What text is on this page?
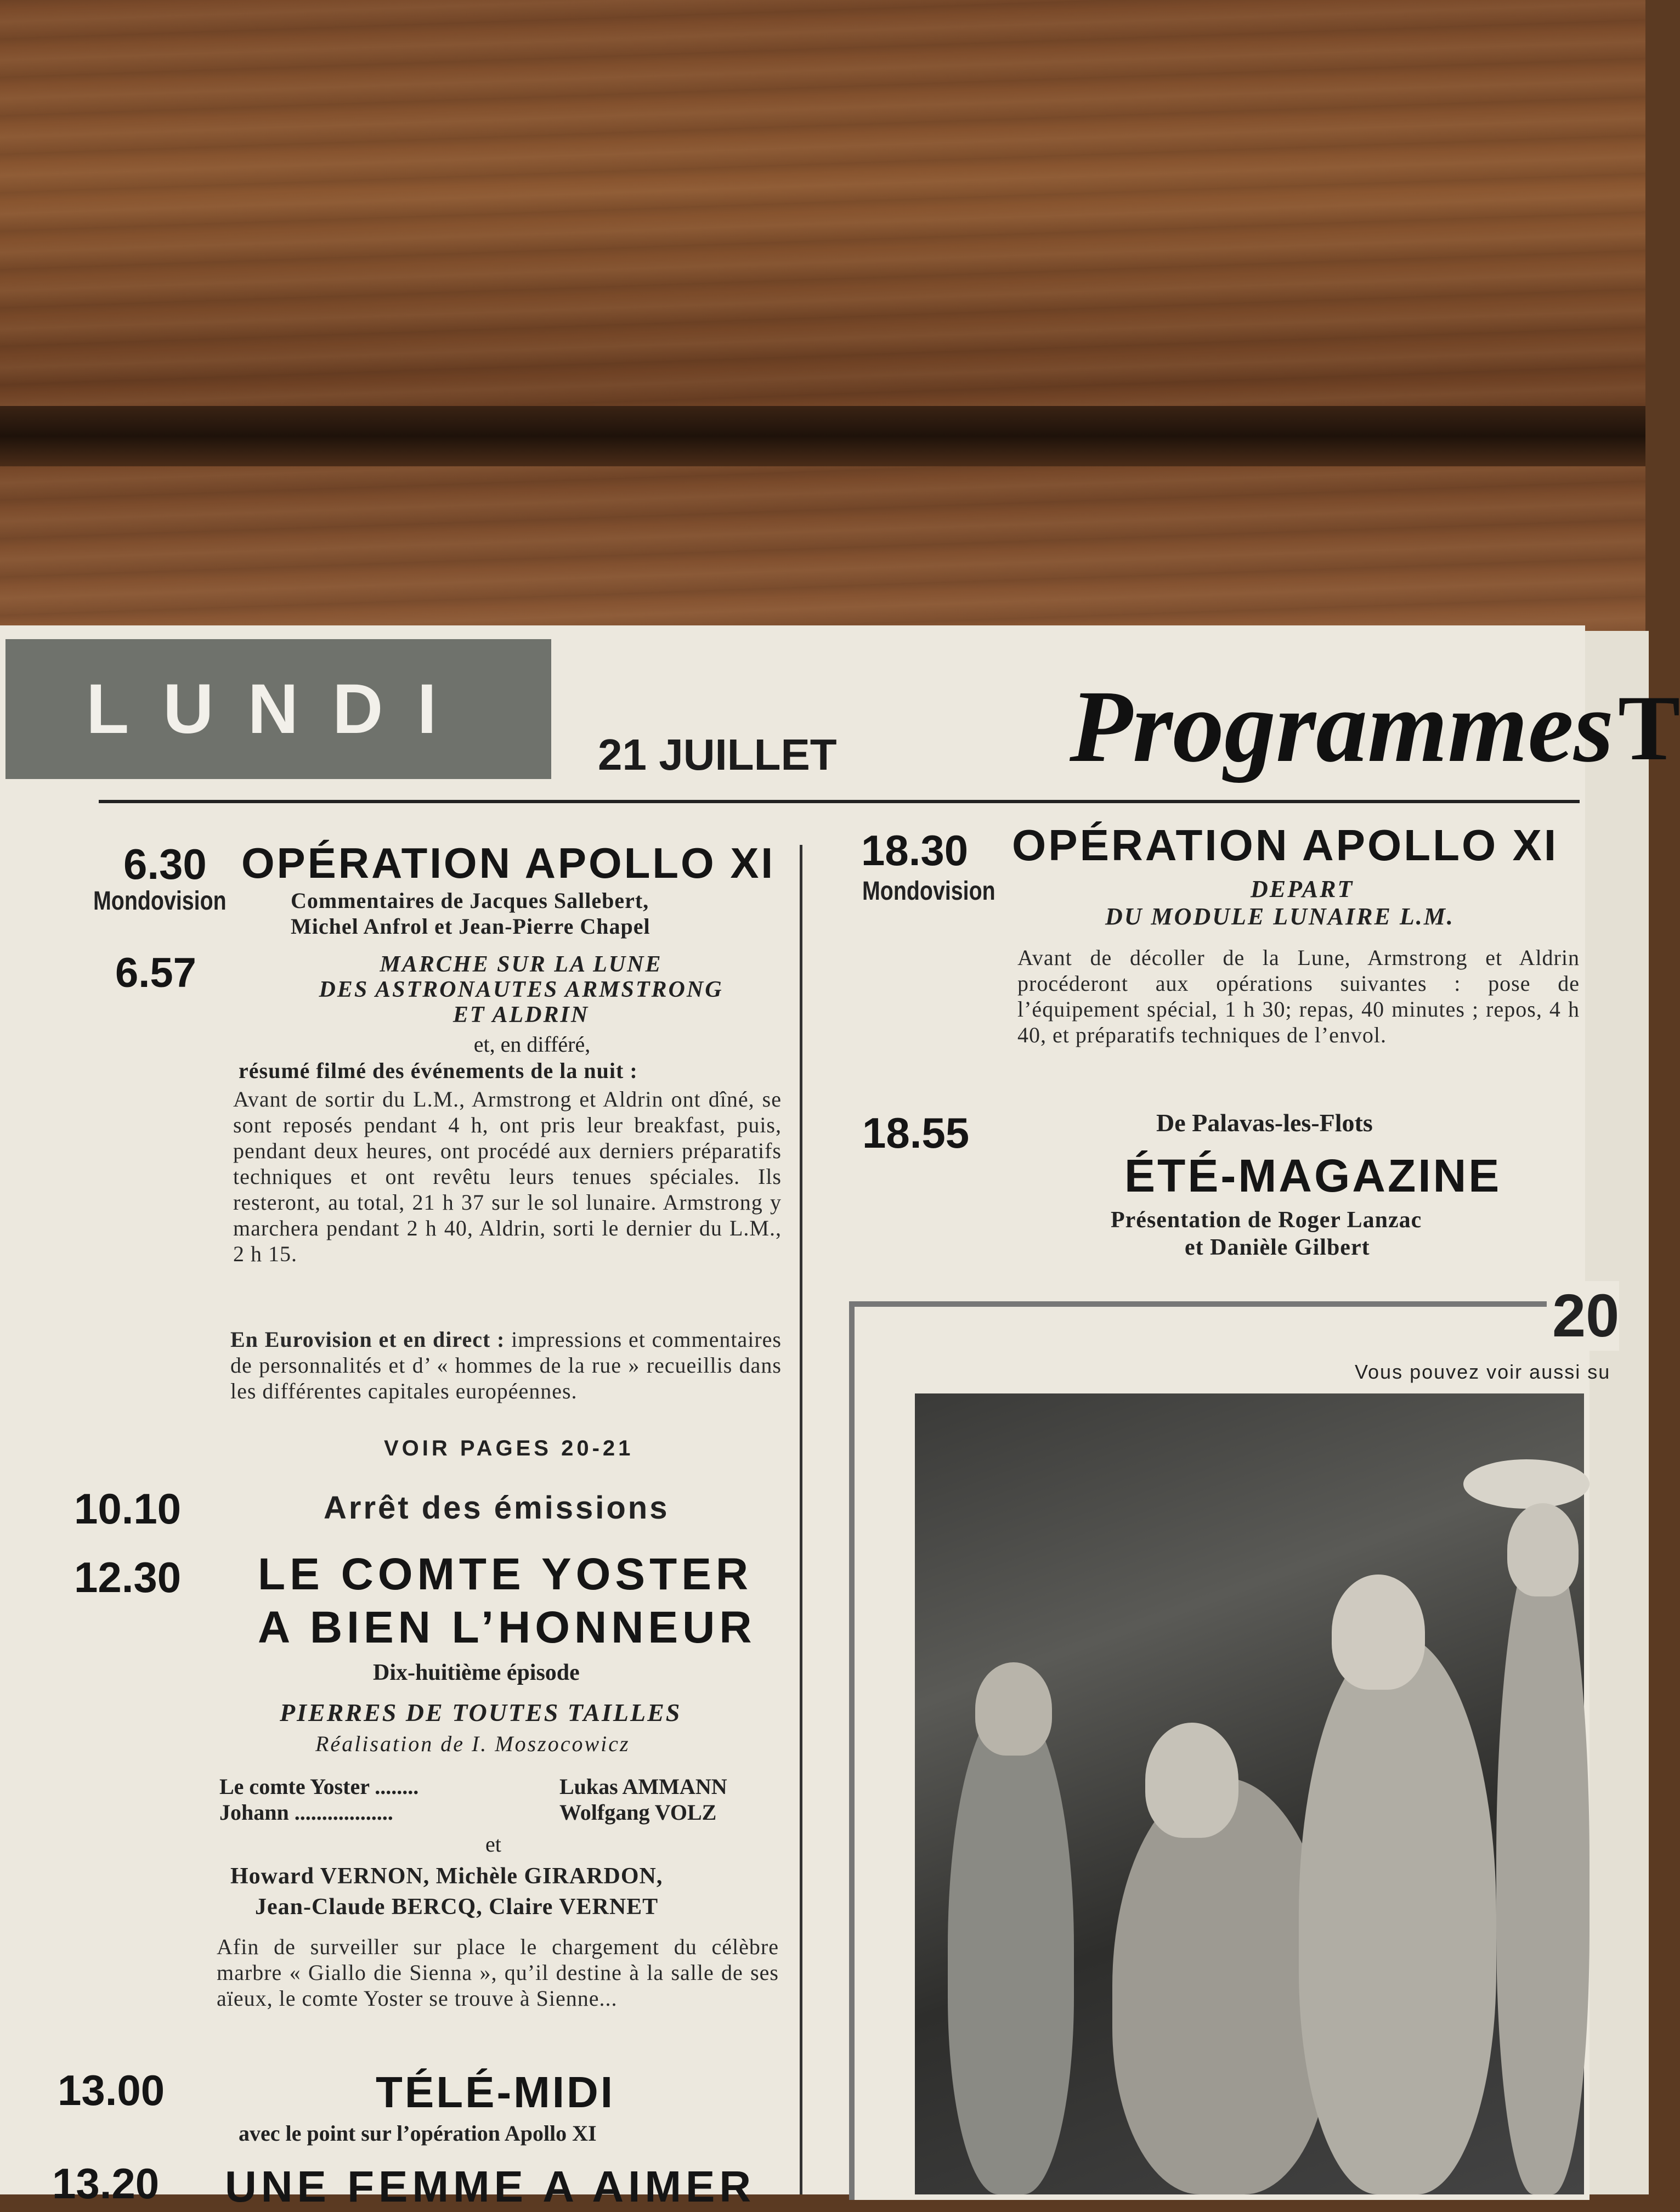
LUNDI
21 JUILLET Programmes T
6.30 OPÉRATION APOLLO XI
Mondovision	Commentaires de Jacques Sallebert,
Michel Anfrol et Jean-Pierre Chapel
6.57	MARCHE SUR LA LUNE
DES ASTRONAUTES ARMSTRONG
ET ALDRIN
et, en différé,
résumé filmé des événements de la nuit :
Avant de sortir du L.M., Armstrong et Aldrin ont dîné, se sont reposés pendant 4 h, ont pris leur breakfast, puis, pendant deux heures, ont procédé aux derniers préparatifs techniques et ont revêtu leurs tenues spéciales. Ils resteront, au total, 21 h 37 sur le sol lunaire. Armstrong y marchera pendant 2 h 40, Aldrin, sorti le dernier du L.M., 2 h 15.
En Eurovision et en direct : impressions et commentaires de personnalités et d’ « hommes de la rue » recueillis dans les différentes capitales européennes.
VOIR PAGES 20-21
10.10	Arrêt des émissions
12.30 LE COMTE YOSTER
A BIEN L’HONNEUR
Dix-huitième épisode
PIERRES DE TOUTES TAILLES
Réalisation de I. Moszocowicz
Le comte Yoster ........	Lukas AMMANN
Johann ..................	Wolfgang VOLZ
et
Howard VERNON, Michèle GIRARDON,
Jean-Claude BERCQ, Claire VERNET
Afin de surveiller sur place le chargement du célèbre marbre « Giallo die Sienna », qu’il destine à la salle de ses aïeux, le comte Yoster se trouve à Sienne...
13.00	TÉLÉ-MIDI
avec le point sur l’opération Apollo XI
13.20 UNE FEMME A AIMER
18.30 OPÉRATION APOLLO XI
Mondovision	DEPART
DU MODULE LUNAIRE L.M.
Avant de décoller de la Lune, Armstrong et Aldrin procéderont aux opérations suivantes : pose de l’équipement spécial, 1 h 30; repas, 40 minutes ; repos, 4 h 40, et préparatifs techniques de l’envol.
18.55	De Palavas-les-Flots
ÉTÉ-MAGAZINE
Présentation de Roger Lanzac
et Danièle Gilbert
20
Vous pouvez voir aussi su
